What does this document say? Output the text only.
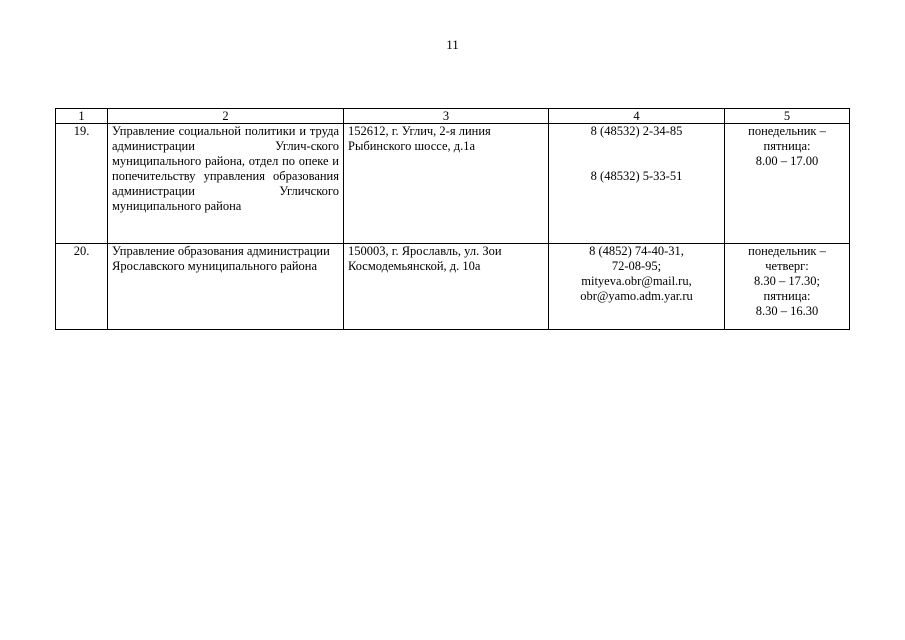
11
1	2	3	4	5
19.	Управление социальной политики и труда администрации Углич-ского муниципального района, отдел по опеке и попечительству управления образования администрации Угличского муниципального района	152612, г. Углич, 2-я линия Рыбинского шоссе, д.1а	8 (48532) 2-34-85
8 (48532) 5-33-51	понедельник –
пятница:
8.00 – 17.00

20.	Управление образования администрации Ярославского муниципального района	150003, г. Ярославль, ул. Зои Космодемьянской, д. 10а	8 (4852) 74-40-31,
72-08-95;
mityeva.obr@mail.ru,
obr@yamo.adm.yar.ru	понедельник –
четверг:
8.30 – 17.30;
пятница:
8.30 – 16.30
